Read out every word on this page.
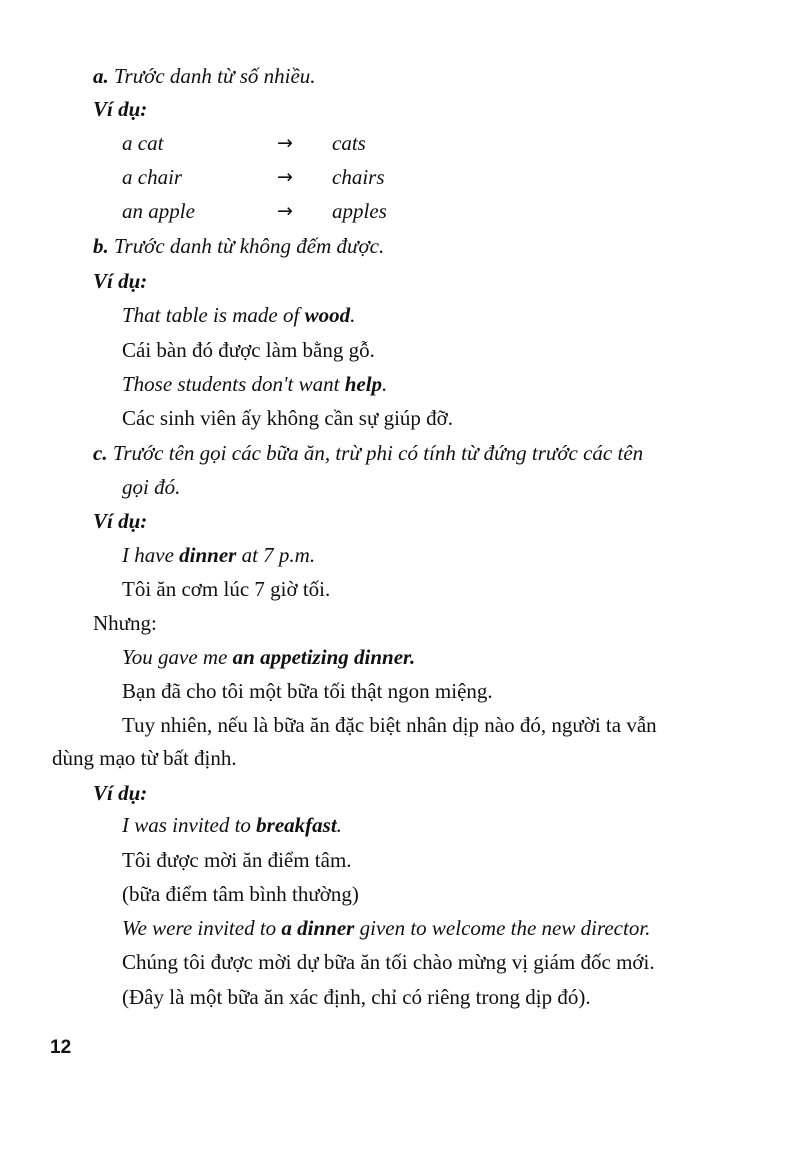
a. Trước danh từ số nhiều.
Ví dụ:
a cat	→ cats
a chair	→ chairs
an apple	→ apples
b. Trước danh từ không đếm được.
Ví dụ:
That table is made of wood.
Cái bàn đó được làm bằng gỗ.
Those students don't want help.
Các sinh viên ấy không cần sự giúp đỡ.
c. Trước tên gọi các bữa ăn, trừ phi có tính từ đứng trước các tên
gọi đó.
Ví dụ:
I have dinner at 7 p.m.
Tôi ăn cơm lúc 7 giờ tối.
Nhưng:
You gave me an appetizing dinner.
Bạn đã cho tôi một bữa tối thật ngon miệng.
Tuy nhiên, nếu là bữa ăn đặc biệt nhân dịp nào đó, người ta vẫn
dùng mạo từ bất định.
Ví dụ:
I was invited to breakfast.
Tôi được mời ăn điểm tâm.
(bữa điểm tâm bình thường)
We were invited to a dinner given to welcome the new director.
Chúng tôi được mời dự bữa ăn tối chào mừng vị giám đốc mới.
(Đây là một bữa ăn xác định, chỉ có riêng trong dịp đó).
12
